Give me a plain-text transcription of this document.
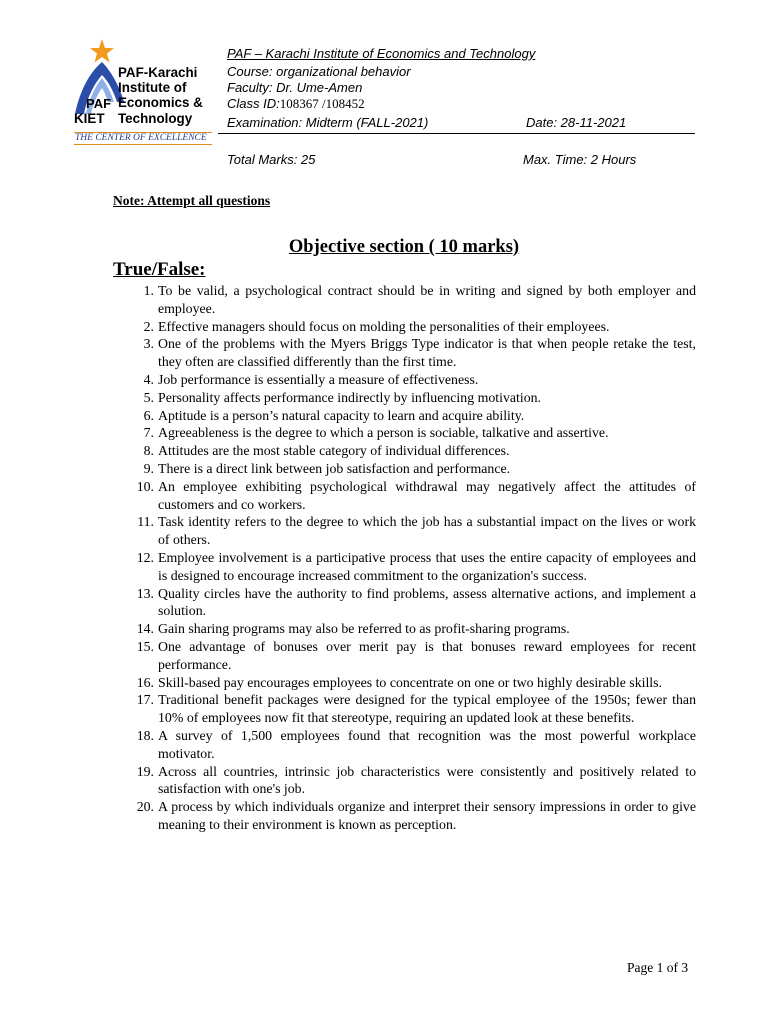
PAF-Karachi
Institute of
Economics &
Technology
PAF
KIET
THE CENTER OF EXCELLENCE
PAF – Karachi Institute of Economics and Technology
Course: organizational behavior
Faculty: Dr. Ume-Amen
Class ID:108367 /108452
Examination: Midterm (FALL-2021)	Date: 28-11-2021
Total Marks: 25	Max. Time: 2 Hours
Note: Attempt all questions
Objective section ( 10 marks)
True/False:
1. To be valid, a psychological contract should be in writing and signed by both employer and employee.
2. Effective managers should focus on molding the personalities of their employees.
3. One of the problems with the Myers Briggs Type indicator is that when people retake the test, they often are classified differently than the first time.
4. Job performance is essentially a measure of effectiveness.
5. Personality affects performance indirectly by influencing motivation.
6. Aptitude is a person’s natural capacity to learn and acquire ability.
7. Agreeableness is the degree to which a person is sociable, talkative and assertive.
8. Attitudes are the most stable category of individual differences.
9. There is a direct link between job satisfaction and performance.
10. An employee exhibiting psychological withdrawal may negatively affect the attitudes of customers and co workers.
11. Task identity refers to the degree to which the job has a substantial impact on the lives or work of others.
12. Employee involvement is a participative process that uses the entire capacity of employees and is designed to encourage increased commitment to the organization's success.
13. Quality circles have the authority to find problems, assess alternative actions, and implement a solution.
14. Gain sharing programs may also be referred to as profit-sharing programs.
15. One advantage of bonuses over merit pay is that bonuses reward employees for recent performance.
16. Skill-based pay encourages employees to concentrate on one or two highly desirable skills.
17. Traditional benefit packages were designed for the typical employee of the 1950s; fewer than 10% of employees now fit that stereotype, requiring an updated look at these benefits.
18. A survey of 1,500 employees found that recognition was the most powerful workplace motivator.
19. Across all countries, intrinsic job characteristics were consistently and positively related to satisfaction with one's job.
20. A process by which individuals organize and interpret their sensory impressions in order to give meaning to their environment is known as perception.
Page 1 of 3
